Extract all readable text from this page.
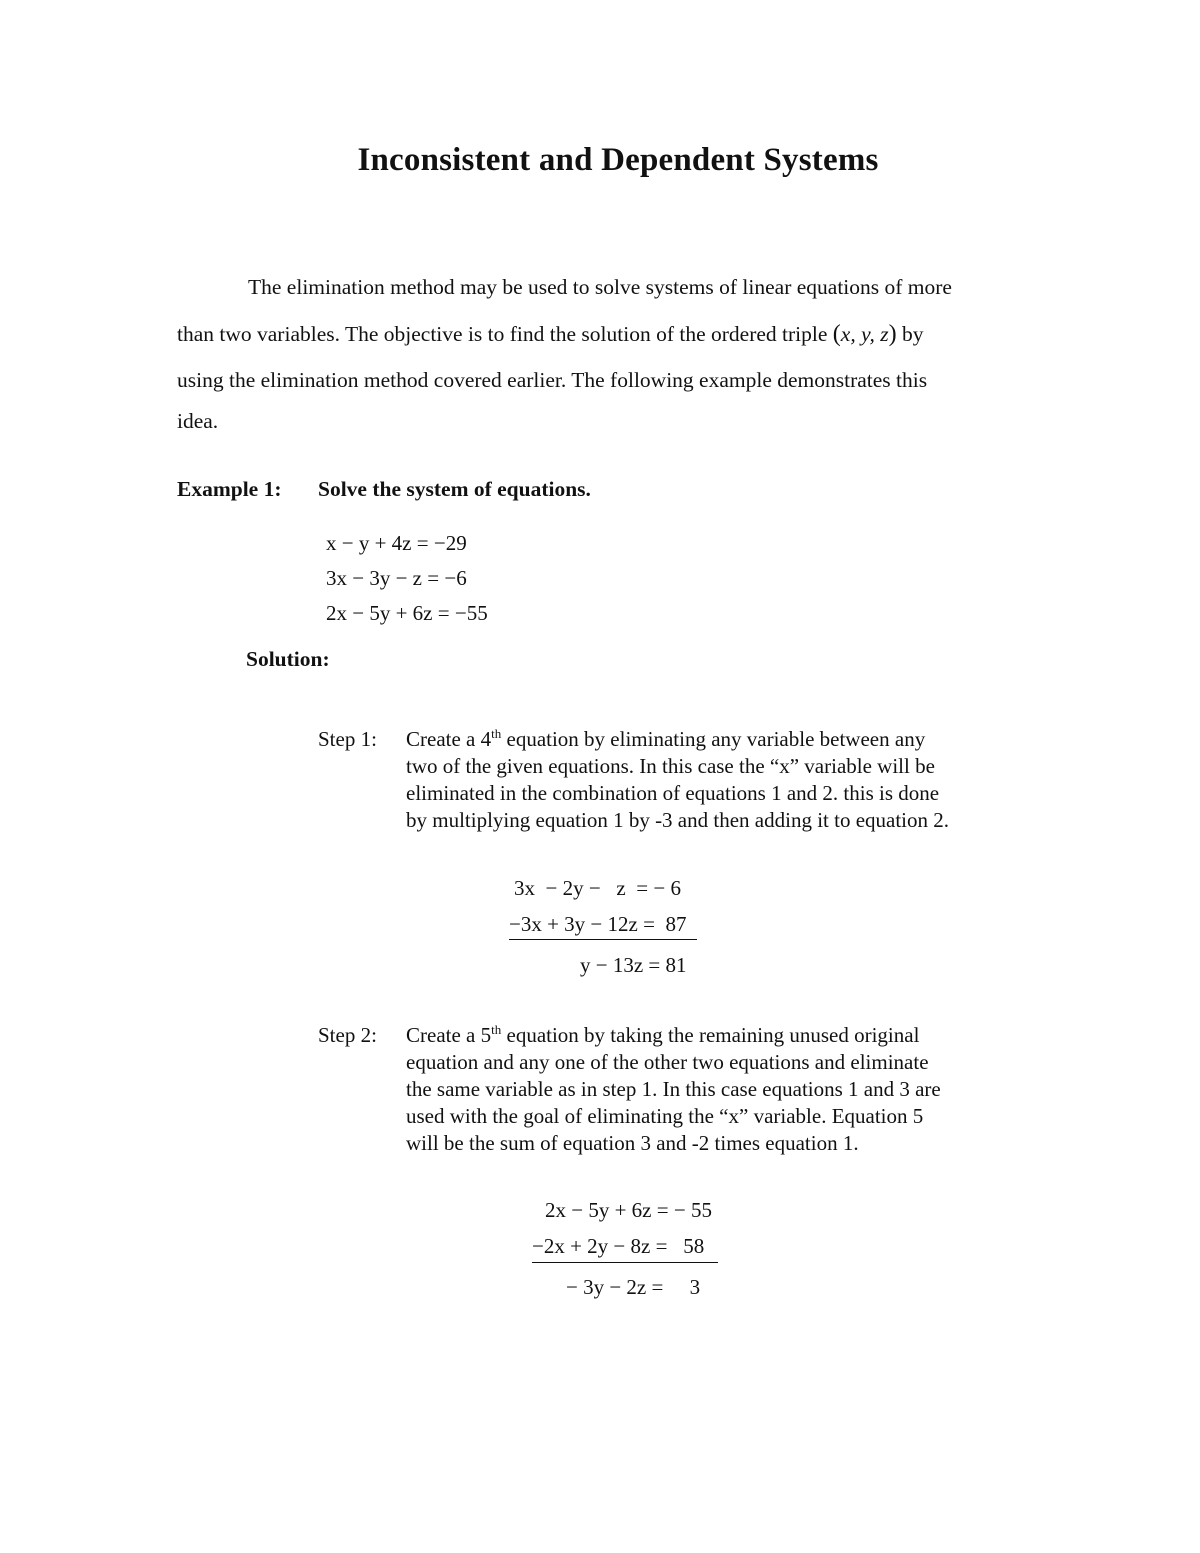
Inconsistent and Dependent Systems
The elimination method may be used to solve systems of linear equations of more
than two variables. The objective is to find the solution of the ordered triple (x, y, z) by
using the elimination method covered earlier. The following example demonstrates this
idea.
Example 1: Solve the system of equations.
x − y + 4z = −29
3x − 3y − z = −6
2x − 5y + 6z = −55
Solution:
Step 1: Create a 4th equation by eliminating any variable between any

two of the given equations. In this case the “x” variable will be

eliminated in the combination of equations 1 and 2. this is done

by multiplying equation 1 by -3 and then adding it to equation 2.

3x  − 2y −   z  = − 6
−3x + 3y − 12z =  87
y − 13z = 81
Step 2: Create a 5th equation by taking the remaining unused original

equation and any one of the other two equations and eliminate

the same variable as in step 1. In this case equations 1 and 3 are

used with the goal of eliminating the “x” variable. Equation 5

will be the sum of equation 3 and -2 times equation 1.

2x − 5y + 6z = − 55
−2x + 2y − 8z =   58
− 3y − 2z =     3
